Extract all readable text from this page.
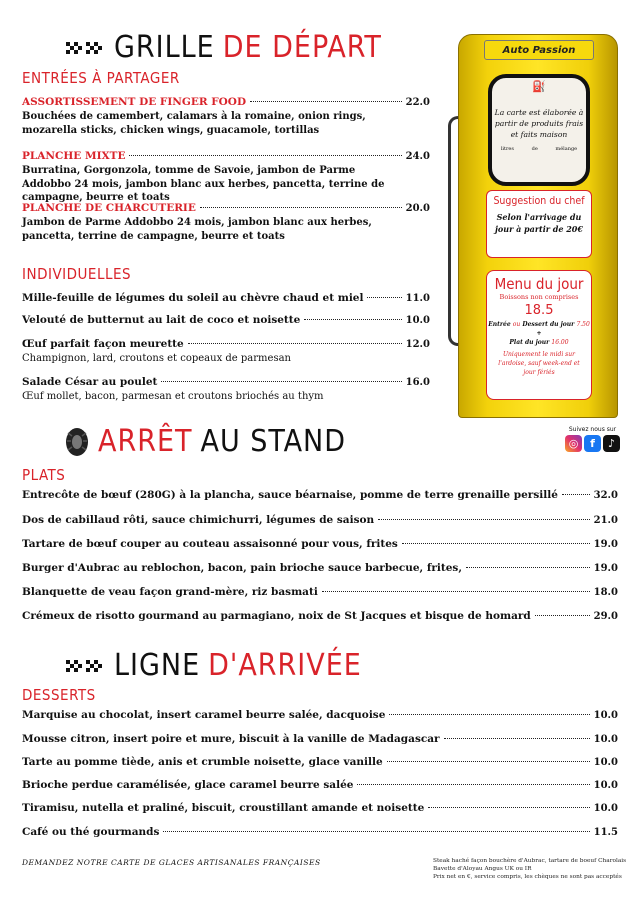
GRILLE DE DÉPART
ENTRÉES À PARTAGER
ASSORTISSEMENT DE FINGER FOOD	22.0
Bouchées de camembert, calamars à la romaine, onion rings, mozarella sticks, chicken wings, guacamole, tortillas
PLANCHE MIXTE	24.0
Burratina, Gorgonzola, tomme de Savoie, jambon de Parme Addobbo 24 mois, jambon blanc aux herbes, pancetta, terrine de campagne, beurre et toats
PLANCHE DE CHARCUTERIE	20.0
Jambon de Parme Addobbo 24 mois, jambon blanc aux herbes, pancetta, terrine de campagne, beurre et toats
INDIVIDUELLES
Mille-feuille de légumes du soleil au chèvre chaud et miel	11.0
Velouté de butternut au lait de coco et noisette	10.0
Œuf parfait façon meurette	12.0
Champignon, lard, croutons et copeaux de parmesan
Salade César au poulet	16.0
Œuf mollet, bacon, parmesan et croutons briochés au thym
Auto Passion
⛽
La carte est élaborée à partir de produits frais et faits maison
litres	de	mélange
Suggestion du chef
Selon l'arrivage du jour à partir de 20€
Menu du jour
Boissons non comprises
18.5
Entrée ou Dessert du jour 7.50
+
Plat du jour 16.00
Uniquement le midi sur l'ardoise, sauf week-end et jour fériés
ARRÊT AU STAND	Suivez nous sur
◎	f	♪
PLATS
Entrecôte de bœuf (280G) à la plancha, sauce béarnaise, pomme de terre grenaille persillé	32.0
Dos de cabillaud rôti, sauce chimichurri, légumes de saison	21.0
Tartare de bœuf couper au couteau assaisonné pour vous, frites	19.0
Burger d'Aubrac au reblochon, bacon, pain brioche sauce barbecue, frites,	19.0
Blanquette de veau façon grand-mère, riz basmati	18.0
Crémeux de risotto gourmand au parmagiano, noix de St Jacques et bisque de homard	29.0
LIGNE D'ARRIVÉE
DESSERTS
Marquise au chocolat, insert caramel beurre salée, dacquoise	10.0
Mousse citron, insert poire et mure, biscuit à la vanille de Madagascar	10.0
Tarte au pomme tiède, anis et crumble noisette, glace vanille	10.0
Brioche perdue caramélisée, glace caramel beurre salée	10.0
Tiramisu, nutella et praliné, biscuit, croustillant amande et noisette	10.0
Café ou thé gourmands	11.5
DEMANDEZ NOTRE CARTE DE GLACES ARTISANALES FRANÇAISES	Steak haché façon bouchère d'Aubrac, tartare de boeuf Charolais
Bavette d'Aloyau Angus UK ou IR
Prix net en €, service compris, les chèques ne sont pas acceptés
